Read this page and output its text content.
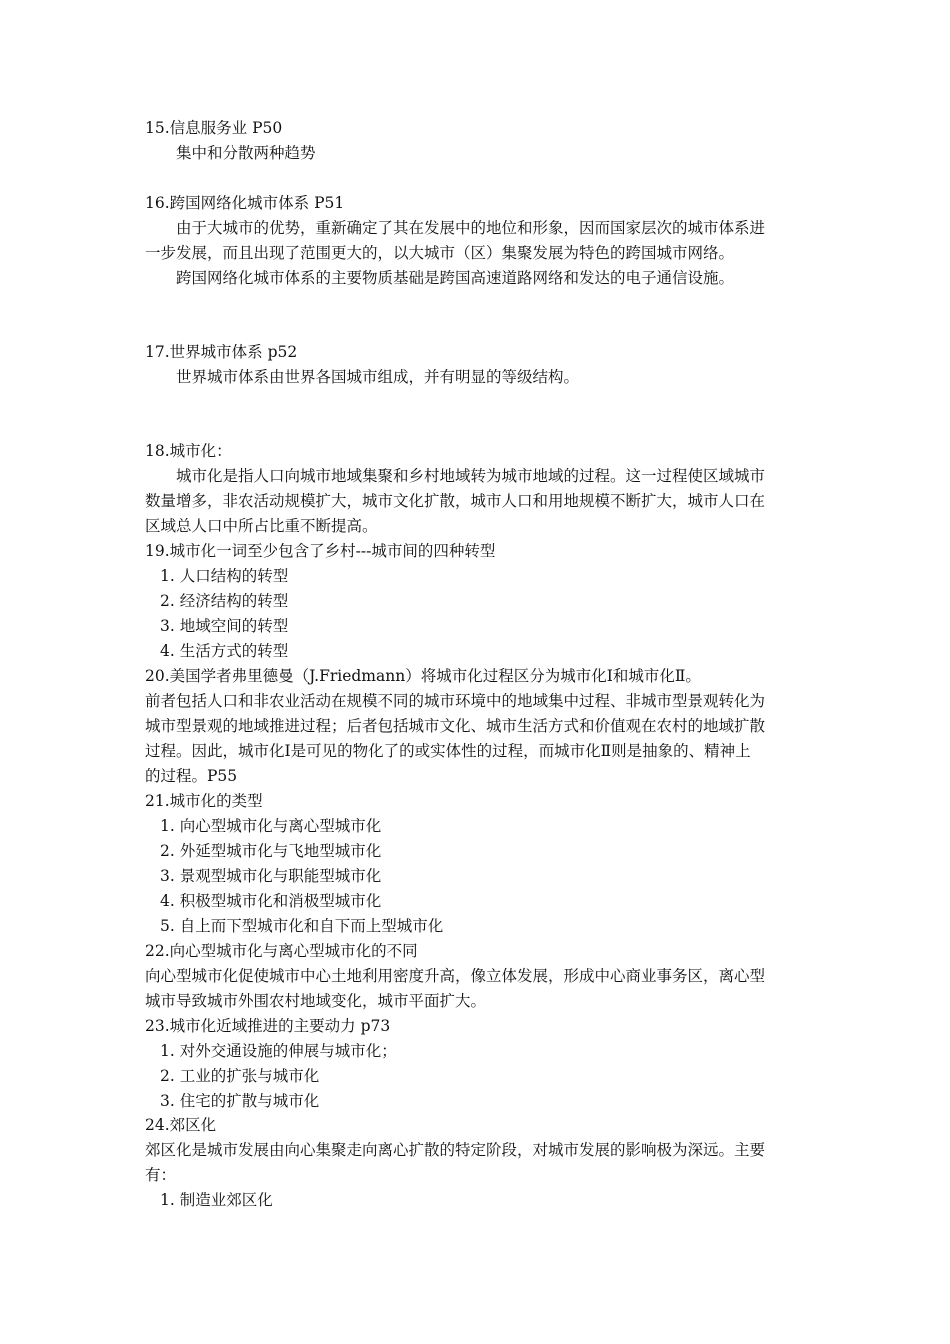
15.信息服务业 P50
集中和分散两种趋势
16.跨国网络化城市体系 P51
由于大城市的优势，重新确定了其在发展中的地位和形象，因而国家层次的城市体系进
一步发展，而且出现了范围更大的，以大城市（区）集聚发展为特色的跨国城市网络。
跨国网络化城市体系的主要物质基础是跨国高速道路网络和发达的电子通信设施。
17.世界城市体系 p52
世界城市体系由世界各国城市组成，并有明显的等级结构。
18.城市化：
城市化是指人口向城市地域集聚和乡村地域转为城市地域的过程。这一过程使区域城市
数量增多，非农活动规模扩大，城市文化扩散，城市人口和用地规模不断扩大，城市人口在
区域总人口中所占比重不断提高。
19.城市化一词至少包含了乡村---城市间的四种转型
1. 人口结构的转型
2. 经济结构的转型
3. 地域空间的转型
4. 生活方式的转型
20.美国学者弗里德曼（J.Friedmann）将城市化过程区分为城市化Ⅰ和城市化Ⅱ。
前者包括人口和非农业活动在规模不同的城市环境中的地域集中过程、非城市型景观转化为
城市型景观的地域推进过程；后者包括城市文化、城市生活方式和价值观在农村的地域扩散
过程。因此，城市化Ⅰ是可见的物化了的或实体性的过程，而城市化Ⅱ则是抽象的、精神上
的过程。P55
21.城市化的类型
1. 向心型城市化与离心型城市化
2. 外延型城市化与飞地型城市化
3. 景观型城市化与职能型城市化
4. 积极型城市化和消极型城市化
5. 自上而下型城市化和自下而上型城市化
22.向心型城市化与离心型城市化的不同
向心型城市化促使城市中心土地利用密度升高，像立体发展，形成中心商业事务区，离心型
城市导致城市外围农村地域变化，城市平面扩大。
23.城市化近域推进的主要动力 p73
1. 对外交通设施的伸展与城市化；
2. 工业的扩张与城市化
3. 住宅的扩散与城市化
24.郊区化
郊区化是城市发展由向心集聚走向离心扩散的特定阶段，对城市发展的影响极为深远。主要
有：
1. 制造业郊区化
